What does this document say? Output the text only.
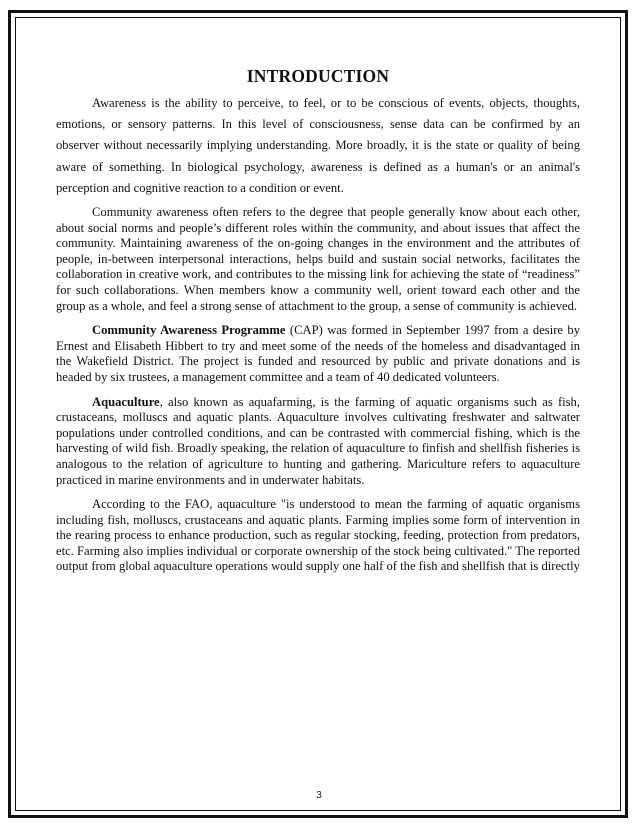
INTRODUCTION

Awareness is the ability to perceive, to feel, or to be conscious of events, objects, thoughts, emotions, or sensory patterns. In this level of consciousness, sense data can be confirmed by an observer without necessarily implying understanding. More broadly, it is the state or quality of being aware of something. In biological psychology, awareness is defined as a human's or an animal's perception and cognitive reaction to a condition or event.

Community awareness often refers to the degree that people generally know about each other, about social norms and people’s different roles within the community, and about issues that affect the community. Maintaining awareness of the on-going changes in the environment and the attributes of people, in-between interpersonal interactions, helps build and sustain social networks, facilitates the collaboration in creative work, and contributes to the missing link for achieving the state of “readiness” for such collaborations. When members know a community well, orient toward each other and the group as a whole, and feel a strong sense of attachment to the group, a sense of community is achieved.

Community Awareness Programme (CAP) was formed in September 1997 from a desire by Ernest and Elisabeth Hibbert to try and meet some of the needs of the homeless and disadvantaged in the Wakefield District. The project is funded and resourced by public and private donations and is headed by six trustees, a management committee and a team of 40 dedicated volunteers.

Aquaculture, also known as aquafarming, is the farming of aquatic organisms such as fish, crustaceans, molluscs and aquatic plants. Aquaculture involves cultivating freshwater and saltwater populations under controlled conditions, and can be contrasted with commercial fishing, which is the harvesting of wild fish. Broadly speaking, the relation of aquaculture to finfish and shellfish fisheries is analogous to the relation of agriculture to hunting and gathering. Mariculture refers to aquaculture practiced in marine environments and in underwater habitats.

According to the FAO, aquaculture "is understood to mean the farming of aquatic organisms including fish, molluscs, crustaceans and aquatic plants. Farming implies some form of intervention in the rearing process to enhance production, such as regular stocking, feeding, protection from predators, etc. Farming also implies individual or corporate ownership of the stock being cultivated." The reported output from global aquaculture operations would supply one half of the fish and shellfish that is directly

3
